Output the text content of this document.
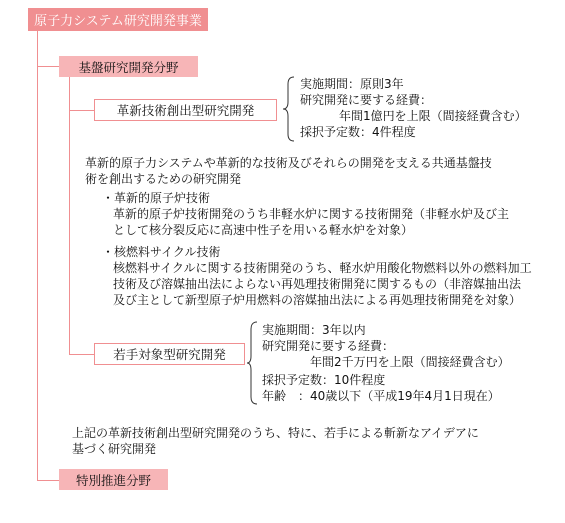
原子力システム研究開発事業
基盤研究開発分野
特別推進分野
革新技術創出型研究開発
若手対象型研究開発
実施期間：原則3年
研究開発に要する経費：
年間1億円を上限（間接経費含む）
採択予定数：4件程度
革新的原子力システムや革新的な技術及びそれらの開発を支える共通基盤技
術を創出するための研究開発
・革新的原子炉技術
革新的原子炉技術開発のうち非軽水炉に関する技術開発（非軽水炉及び主
として核分裂反応に高速中性子を用いる軽水炉を対象）
・核燃料サイクル技術
核燃料サイクルに関する技術開発のうち、軽水炉用酸化物燃料以外の燃料加工
技術及び溶媒抽出法によらない再処理技術開発に関するもの（非溶媒抽出法
及び主として新型原子炉用燃料の溶媒抽出法による再処理技術開発を対象）
実施期間：3年以内
研究開発に要する経費：
年間2千万円を上限（間接経費含む）
採択予定数：10件程度
年齢　：40歳以下（平成19年4月1日現在）
上記の革新技術創出型研究開発のうち、特に、若手による斬新なアイデアに
基づく研究開発
